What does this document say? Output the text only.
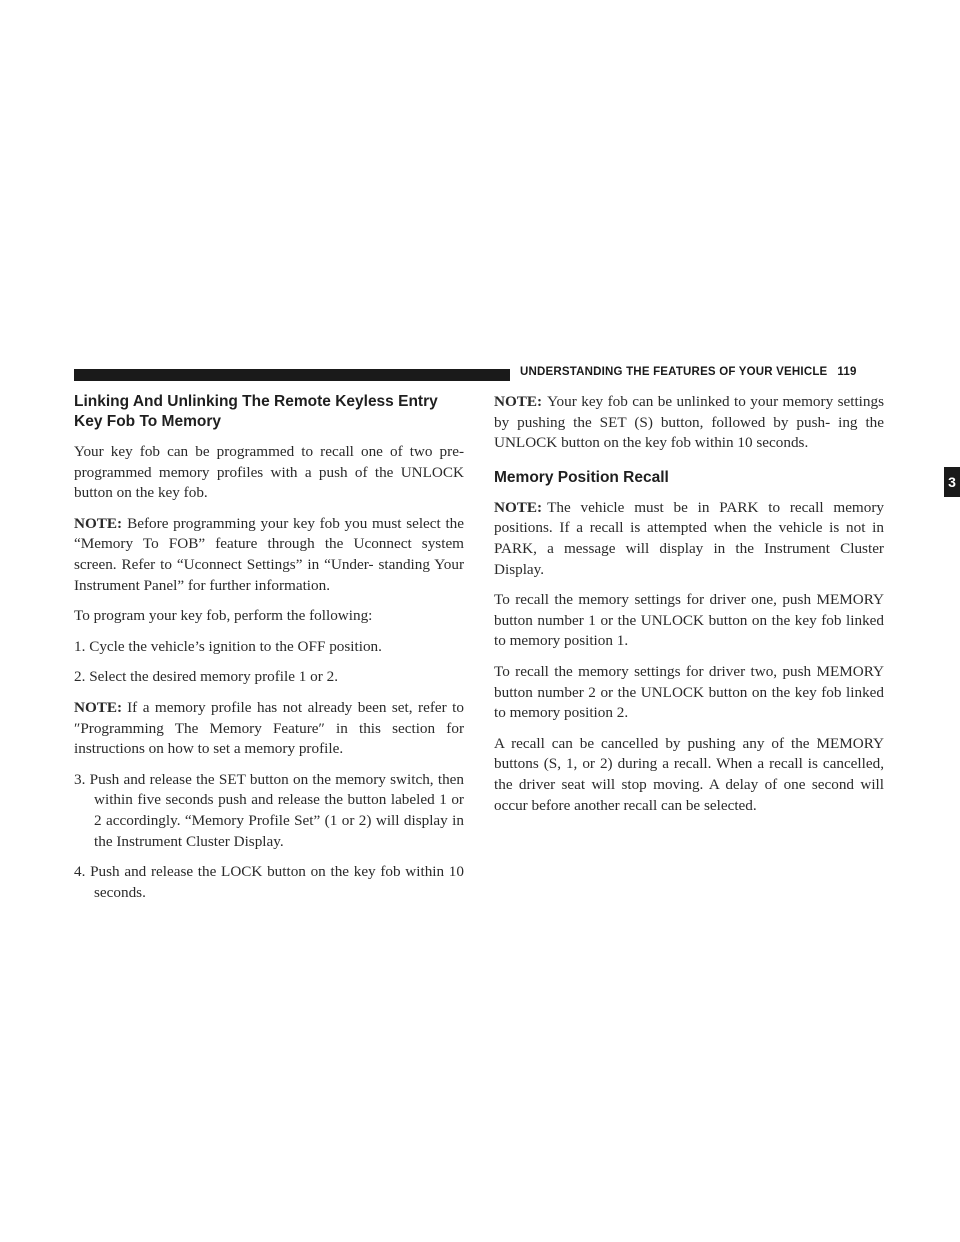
UNDERSTANDING THE FEATURES OF YOUR VEHICLE 119
3
Linking And Unlinking The Remote Keyless Entry Key Fob To Memory

Your key fob can be programmed to recall one of two pre-programmed memory profiles with a push of the UNLOCK button on the key fob.

NOTE: Before programming your key fob you must select the “Memory To FOB” feature through the Uconnect system screen. Refer to “Uconnect Settings” in “Under- standing Your Instrument Panel” for further information.

To program your key fob, perform the following:

1. Cycle the vehicle’s ignition to the OFF position.

2. Select the desired memory profile 1 or 2.

NOTE: If a memory profile has not already been set, refer to ″Programming The Memory Feature″ in this section for instructions on how to set a memory profile.

3. Push and release the SET button on the memory switch, then within five seconds push and release the button labeled 1 or 2 accordingly. “Memory Profile Set” (1 or 2) will display in the Instrument Cluster Display.

4. Push and release the LOCK button on the key fob within 10 seconds.

NOTE: Your key fob can be unlinked to your memory settings by pushing the SET (S) button, followed by push- ing the UNLOCK button on the key fob within 10 seconds.

Memory Position Recall

NOTE: The vehicle must be in PARK to recall memory positions. If a recall is attempted when the vehicle is not in PARK, a message will display in the Instrument Cluster Display.

To recall the memory settings for driver one, push MEMORY button number 1 or the UNLOCK button on the key fob linked to memory position 1.

To recall the memory settings for driver two, push MEMORY button number 2 or the UNLOCK button on the key fob linked to memory position 2.

A recall can be cancelled by pushing any of the MEMORY buttons (S, 1, or 2) during a recall. When a recall is cancelled, the driver seat will stop moving. A delay of one second will occur before another recall can be selected.
